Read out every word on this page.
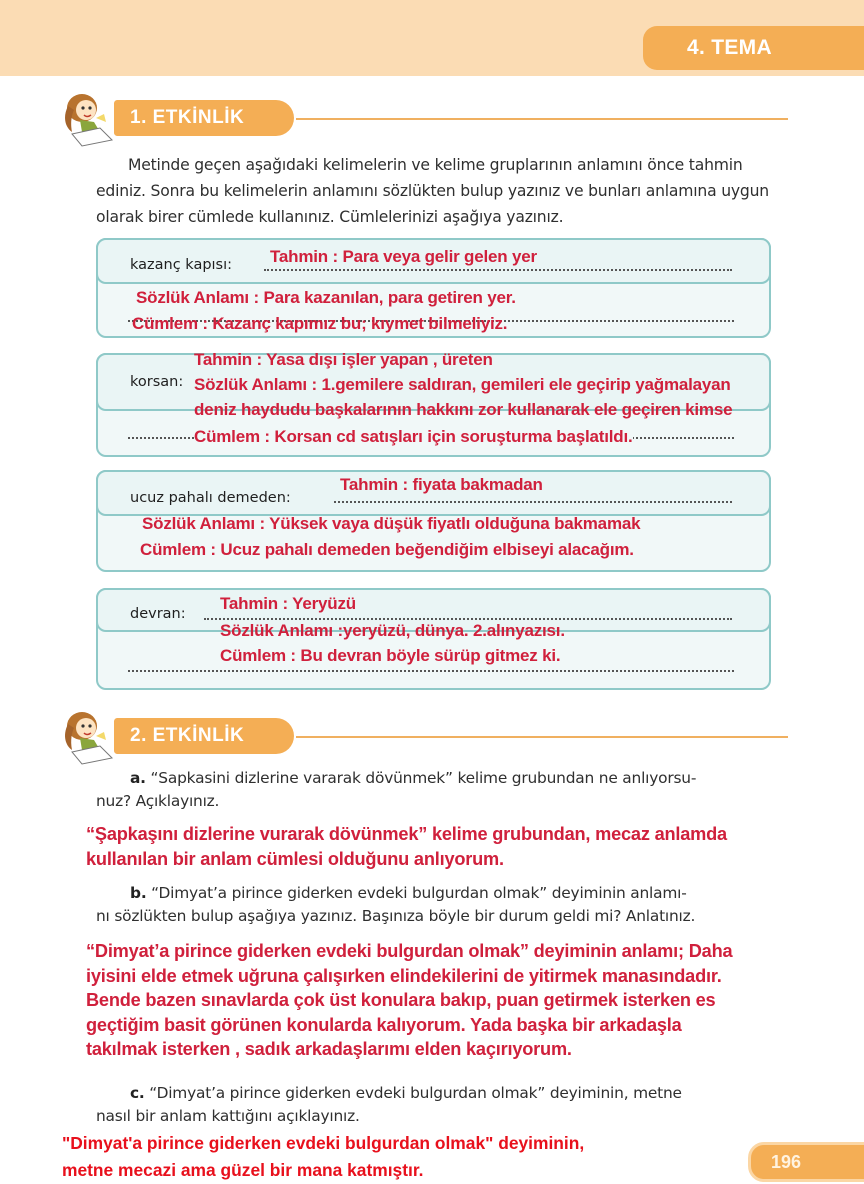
4. TEMA
1. ETKİNLİK
Metinde geçen aşağıdaki kelimelerin ve kelime gruplarının anlamını önce tahmin ediniz. Sonra bu kelimelerin anlamını sözlükten bulup yazınız ve bunları anlamına uygun olarak birer cümlede kullanınız. Cümlelerinizi aşağıya yazınız.
kazanç kapısı: Tahmin : Para veya gelir gelen yer
Sözlük Anlamı : Para kazanılan, para getiren yer.
Cümlem : Kazanç kapımız bu; kıymet bilmeliyiz.
korsan:
Tahmin : Yasa dışı işler yapan , üreten
Sözlük Anlamı : 1.gemilere saldıran, gemileri ele geçirip yağmalayan
deniz haydudu başkalarının hakkını zor kullanarak ele geçiren kimse
Cümlem : Korsan cd satışları için soruşturma başlatıldı.
ucuz pahalı demeden:
Tahmin : fiyata bakmadan
Sözlük Anlamı : Yüksek vaya düşük fiyatlı olduğuna bakmamak
Cümlem : Ucuz pahalı demeden beğendiğim elbiseyi alacağım.
devran:
Tahmin : Yeryüzü
Sözlük Anlamı :yeryüzü, dünya. 2.alınyazısı.
Cümlem : Bu devran böyle sürüp gitmez ki.
2. ETKİNLİK
a. “Sapkasini dizlerine vararak dövünmek” kelime grubundan ne anlıyorsu-
nuz? Açıklayınız.
“Şapkaşını dizlerine vurarak dövünmek” kelime grubundan, mecaz anlamda
kullanılan bir anlam cümlesi olduğunu anlıyorum.
b. “Dimyat’a pirince giderken evdeki bulgurdan olmak” deyiminin anlamı-
nı sözlükten bulup aşağıya yazınız. Başınıza böyle bir durum geldi mi? Anlatınız.
“Dimyat’a pirince giderken evdeki bulgurdan olmak” deyiminin anlamı; Daha
iyisini elde etmek uğruna çalışırken elindekilerini de yitirmek manasındadır.
Bende bazen sınavlarda çok üst konulara bakıp, puan getirmek isterken es
geçtiğim basit görünen konularda kalıyorum. Yada başka bir arkadaşla
takılmak isterken , sadık arkadaşlarımı elden kaçırıyorum.
c. “Dimyat’a pirince giderken evdeki bulgurdan olmak” deyiminin, metne
nasıl bir anlam kattığını açıklayınız.
"Dimyat'a pirince giderken evdeki bulgurdan olmak" deyiminin,
metne mecazi ama güzel bir mana katmıştır.	196
